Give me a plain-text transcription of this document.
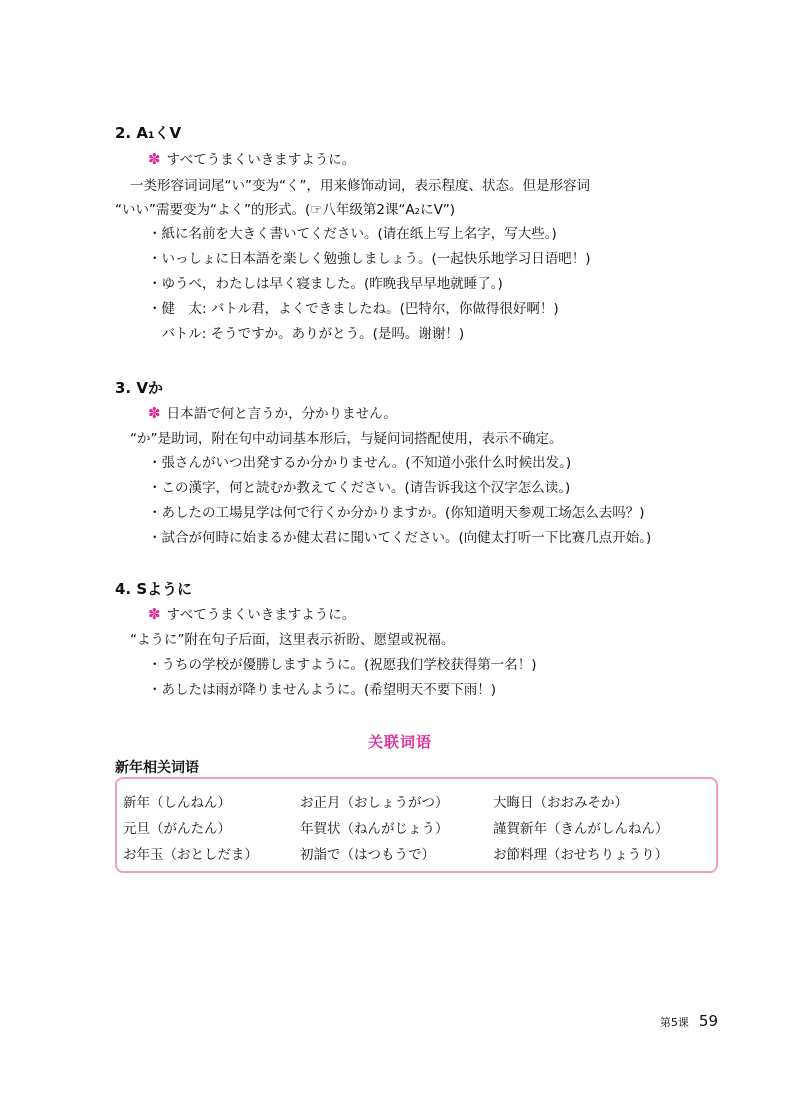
2. A₁くV
✽ すべてうまくいきますように。
一类形容词词尾“い”变为“く”，用来修饰动词，表示程度、状态。但是形容词
“いい”需要变为“よく”的形式。(☞八年级第2课“A₂にV”)
・紙に名前を大きく書いてください。(请在纸上写上名字，写大些。)
・いっしょに日本語を楽しく勉強しましょう。(一起快乐地学习日语吧！)
・ゆうべ，わたしは早く寝ました。(昨晚我早早地就睡了。)
・健　太: バトル君，よくできましたね。(巴特尔，你做得很好啊！)
　バトル: そうですか。ありがとう。(是吗。谢谢！)
3. Vか
✽ 日本語で何と言うか，分かりません。
“か”是助词，附在句中动词基本形后，与疑问词搭配使用，表示不确定。
・張さんがいつ出発するか分かりません。(不知道小张什么时候出发。)
・この漢字，何と読むか教えてください。(请告诉我这个汉字怎么读。)
・あしたの工場見学は何で行くか分かりますか。(你知道明天参观工场怎么去吗？)
・試合が何時に始まるか健太君に聞いてください。(向健太打听一下比赛几点开始。)
4. Sように
✽ すべてうまくいきますように。
“ように”附在句子后面，这里表示祈盼、愿望或祝福。
・うちの学校が優勝しますように。(祝愿我们学校获得第一名！)
・あしたは雨が降りませんように。(希望明天不要下雨！)
关联词语
新年相关词语
新年（しんねん）	お正月（おしょうがつ）	大晦日（おおみそか）
元旦（がんたん）	年賀状（ねんがじょう）	謹賀新年（きんがしんねん）
お年玉（おとしだま）	初詣で（はつもうで）	お節料理（おせちりょうり）
第5课 59
